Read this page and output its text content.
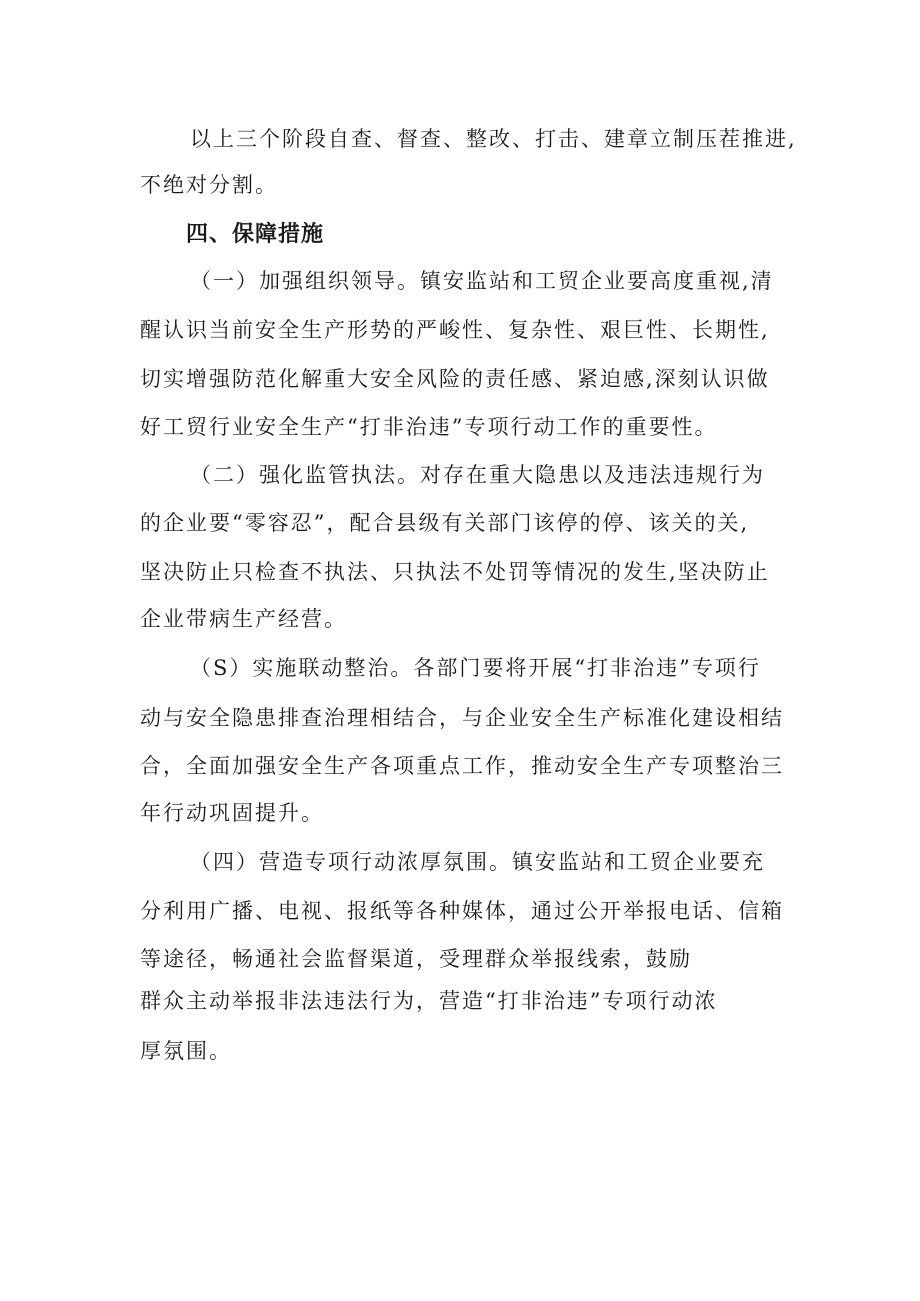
以上三个阶段自查、督查、整改、打击、建章立制压茬推进,
不绝对分割。
四、保障措施
（一）加强组织领导。镇安监站和工贸企业要高度重视,清
醒认识当前安全生产形势的严峻性、复杂性、艰巨性、长期性,
切实增强防范化解重大安全风险的责任感、紧迫感,深刻认识做
好工贸行业安全生产“打非治违”专项行动工作的重要性。
（二）强化监管执法。对存在重大隐患以及违法违规行为
的企业要“零容忍”，配合县级有关部门该停的停、该关的关,
坚决防止只检查不执法、只执法不处罚等情况的发生,坚决防止
企业带病生产经营。
（S）实施联动整治。各部门要将开展“打非治违”专项行
动与安全隐患排查治理相结合，与企业安全生产标准化建设相结
合，全面加强安全生产各项重点工作，推动安全生产专项整治三
年行动巩固提升。
（四）营造专项行动浓厚氛围。镇安监站和工贸企业要充
分利用广播、电视、报纸等各种媒体，通过公开举报电话、信箱
等途径，畅通社会监督渠道，受理群众举报线索，鼓励
群众主动举报非法违法行为，营造“打非治违”专项行动浓
厚氛围。
